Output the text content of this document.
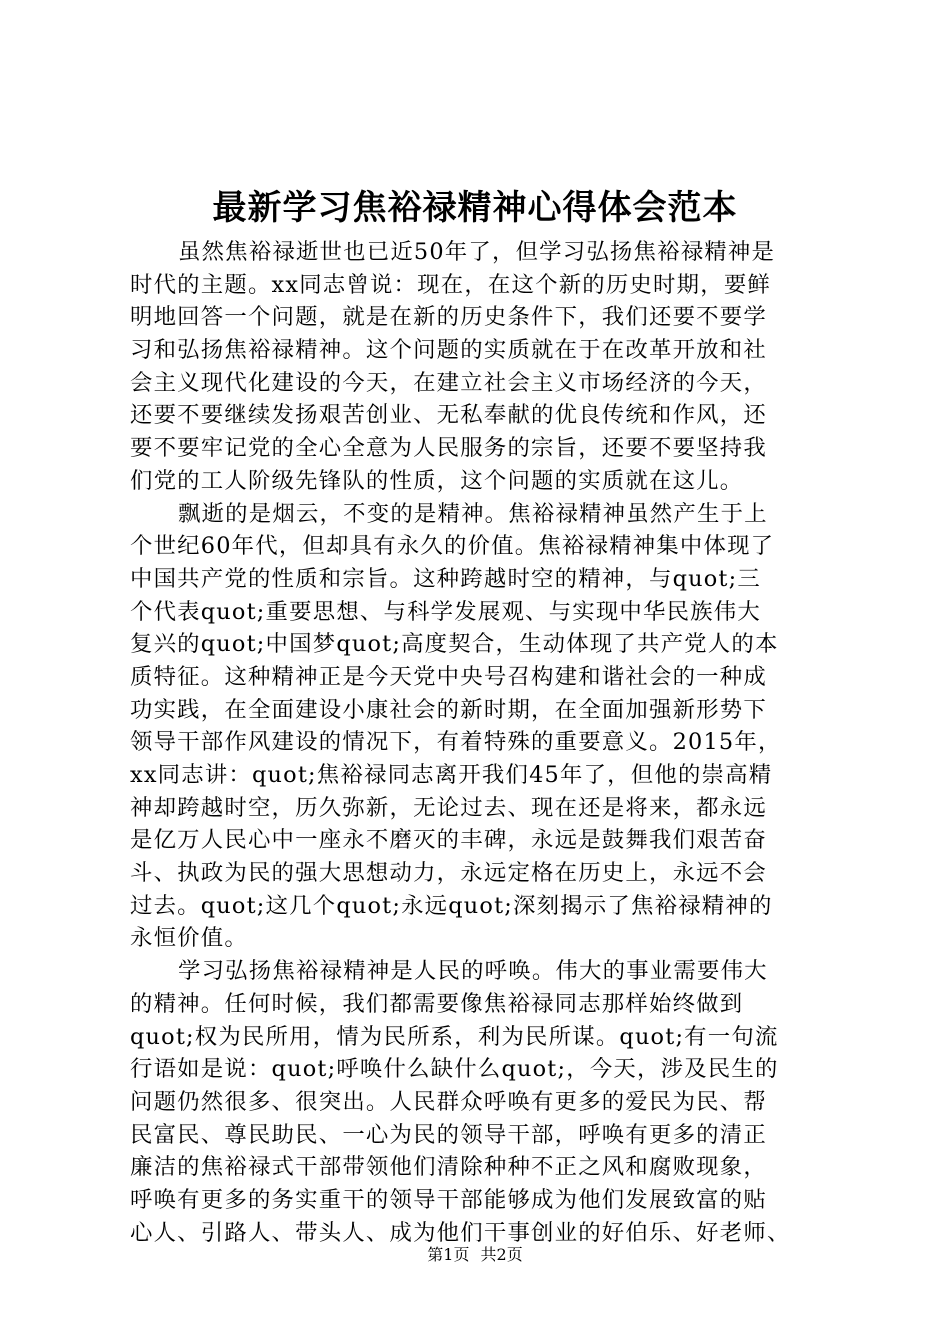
最新学习焦裕禄精神心得体会范本
虽然焦裕禄逝世也已近50年了，但学习弘扬焦裕禄精神是
时代的主题。xx同志曾说：现在，在这个新的历史时期，要鲜
明地回答一个问题，就是在新的历史条件下，我们还要不要学
习和弘扬焦裕禄精神。这个问题的实质就在于在改革开放和社
会主义现代化建设的今天，在建立社会主义市场经济的今天，
还要不要继续发扬艰苦创业、无私奉献的优良传统和作风，还
要不要牢记党的全心全意为人民服务的宗旨，还要不要坚持我
们党的工人阶级先锋队的性质，这个问题的实质就在这儿。
飘逝的是烟云，不变的是精神。焦裕禄精神虽然产生于上
个世纪60年代，但却具有永久的价值。焦裕禄精神集中体现了
中国共产党的性质和宗旨。这种跨越时空的精神，与quot;三
个代表quot;重要思想、与科学发展观、与实现中华民族伟大
复兴的quot;中国梦quot;高度契合，生动体现了共产党人的本
质特征。这种精神正是今天党中央号召构建和谐社会的一种成
功实践，在全面建设小康社会的新时期，在全面加强新形势下
领导干部作风建设的情况下，有着特殊的重要意义。2015年，
xx同志讲：quot;焦裕禄同志离开我们45年了，但他的崇高精
神却跨越时空，历久弥新，无论过去、现在还是将来，都永远
是亿万人民心中一座永不磨灭的丰碑，永远是鼓舞我们艰苦奋
斗、执政为民的强大思想动力，永远定格在历史上，永远不会
过去。quot;这几个quot;永远quot;深刻揭示了焦裕禄精神的
永恒价值。
学习弘扬焦裕禄精神是人民的呼唤。伟大的事业需要伟大
的精神。任何时候，我们都需要像焦裕禄同志那样始终做到
quot;权为民所用，情为民所系，利为民所谋。quot;有一句流
行语如是说：quot;呼唤什么缺什么quot;，今天，涉及民生的
问题仍然很多、很突出。人民群众呼唤有更多的爱民为民、帮
民富民、尊民助民、一心为民的领导干部，呼唤有更多的清正
廉洁的焦裕禄式干部带领他们清除种种不正之风和腐败现象，
呼唤有更多的务实重干的领导干部能够成为他们发展致富的贴
心人、引路人、带头人、成为他们干事创业的好伯乐、好老师、
第1页 共2页
